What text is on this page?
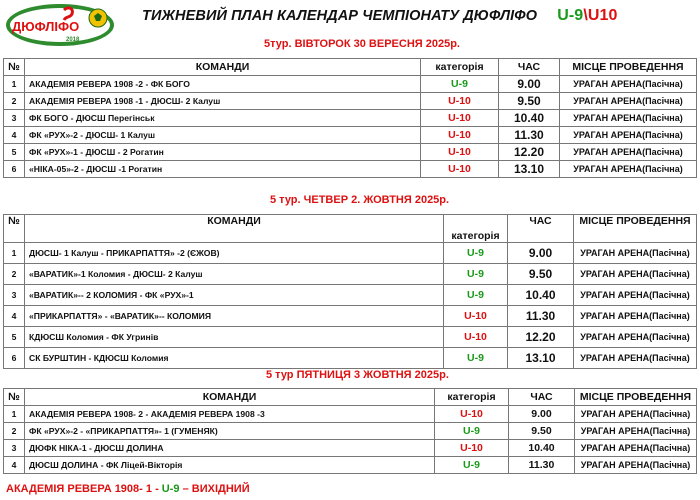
ДЮФЛІФО
2018
ТИЖНЕВИЙ ПЛАН КАЛЕНДАР ЧЕМПІОНАТУ ДЮФЛІФО U-9\U10
5тур. ВІВТОРОК 30 ВЕРЕСНЯ 2025р.
№	КОМАНДИ	категорія	ЧАС	МІСЦЕ ПРОВЕДЕННЯ
1	АКАДЕМІЯ РЕВЕРА 1908 -2 - ФК БОГО	U-9	9.00	УРАГАН АРЕНА(Пасічна)
2	АКАДЕМІЯ РЕВЕРА 1908 -1 - ДЮСШ- 2 Калуш	U-10	9.50	УРАГАН АРЕНА(Пасічна)
3	ФК БОГО - ДЮСШ Перегінськ	U-10	10.40	УРАГАН АРЕНА(Пасічна)
4	ФК «РУХ»-2 - ДЮСШ- 1 Калуш	U-10	11.30	УРАГАН АРЕНА(Пасічна)
5	ФК «РУХ»-1 - ДЮСШ - 2 Рогатин	U-10	12.20	УРАГАН АРЕНА(Пасічна)
6	«НІКА-05»-2 - ДЮСШ -1 Рогатин	U-10	13.10	УРАГАН АРЕНА(Пасічна)
5 тур. ЧЕТВЕР 2. ЖОВТНЯ 2025р.
№	КОМАНДИ	категорія	ЧАС	МІСЦЕ ПРОВЕДЕННЯ
1	ДЮСШ- 1 Калуш - ПРИКАРПАТТЯ» -2 (ЄЖОВ)	U-9	9.00	УРАГАН АРЕНА(Пасічна)
2	«ВАРАТИК»-1 Коломия - ДЮСШ- 2 Калуш	U-9	9.50	УРАГАН АРЕНА(Пасічна)
3	«ВАРАТИК»-- 2 КОЛОМИЯ - ФК «РУХ»-1	U-9	10.40	УРАГАН АРЕНА(Пасічна)
4	«ПРИКАРПАТТЯ» - «ВАРАТИК»-- КОЛОМИЯ	U-10	11.30	УРАГАН АРЕНА(Пасічна)
5	КДЮСШ Коломия - ФК Угринів	U-10	12.20	УРАГАН АРЕНА(Пасічна)
6	СК БУРШТИН - КДЮСШ Коломия	U-9	13.10	УРАГАН АРЕНА(Пасічна)
5 тур ПЯТНИЦЯ 3 ЖОВТНЯ 2025р.
№	КОМАНДИ	категорія	ЧАС	МІСЦЕ ПРОВЕДЕННЯ
1	АКАДЕМІЯ РЕВЕРА 1908- 2 - АКАДЕМІЯ РЕВЕРА 1908 -3	U-10	9.00	УРАГАН АРЕНА(Пасічна)
2	ФК «РУХ»-2 - «ПРИКАРПАТТЯ»- 1 (ГУМЕНЯК)	U-9	9.50	УРАГАН АРЕНА(Пасічна)
3	ДЮФК НІКА-1 - ДЮСШ ДОЛИНА	U-10	10.40	УРАГАН АРЕНА(Пасічна)
4	ДЮСШ ДОЛИНА - ФК Ліцей-Вікторія	U-9	11.30	УРАГАН АРЕНА(Пасічна)
АКАДЕМІЯ РЕВЕРА 1908- 1 - U-9 – ВИХІДНИЙ
